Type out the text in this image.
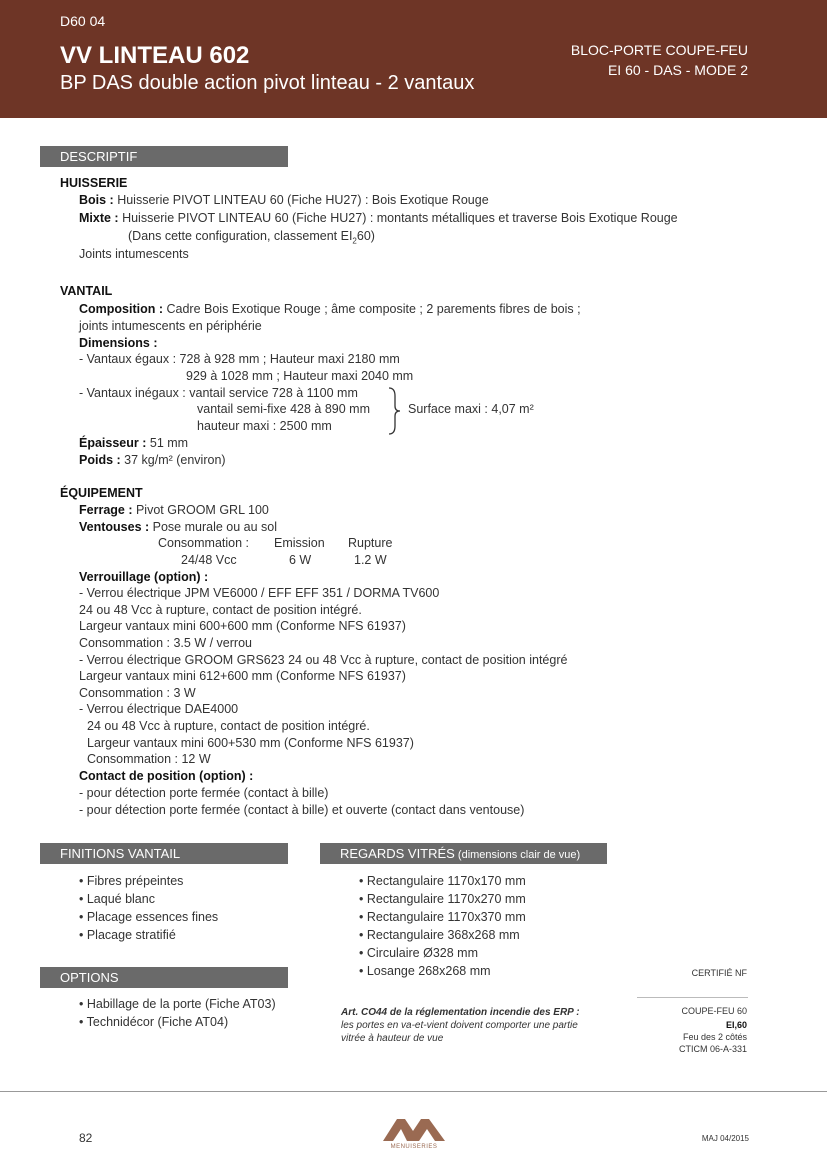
D60 04
VV LINTEAU 602
BP DAS double action pivot linteau - 2 vantaux
BLOC-PORTE COUPE-FEU
EI 60 - DAS - MODE 2
DESCRIPTIF
HUISSERIE
Bois : Huisserie PIVOT LINTEAU 60 (Fiche HU27) : Bois Exotique Rouge
Mixte : Huisserie PIVOT LINTEAU 60 (Fiche HU27) : montants métalliques et traverse Bois Exotique Rouge
(Dans cette configuration, classement $EI_260$)
Joints intumescents
VANTAIL
Composition : Cadre Bois Exotique Rouge ; âme composite ; 2 parements fibres de bois ;
joints intumescents en périphérie
Dimensions :
- Vantaux égaux : 728 à 928 mm ; Hauteur maxi 2180 mm
929 à 1028 mm ; Hauteur maxi 2040 mm
- Vantaux inégaux : vantail service 728 à 1100 mm
vantail semi-fixe 428 à 890 mm
hauteur maxi : 2500 mm
Surface maxi : 4,07 m²
Épaisseur : 51 mm
Poids : 37 kg/m² (environ)
ÉQUIPEMENT
Ferrage : Pivot GROOM GRL 100
Ventouses : Pose murale ou au sol
Consommation : Emission Rupture
24/48 Vcc	6 W	1.2 W
Verrouillage (option) :
- Verrou électrique JPM VE6000 / EFF EFF 351 / DORMA TV600
24 ou 48 Vcc à rupture, contact de position intégré.
Largeur vantaux mini 600+600 mm (Conforme NFS 61937)
Consommation : 3.5 W / verrou
- Verrou électrique GROOM GRS623 24 ou 48 Vcc à rupture, contact de position intégré
Largeur vantaux mini 612+600 mm (Conforme NFS 61937)
Consommation : 3 W
- Verrou électrique DAE4000
24 ou 48 Vcc à rupture, contact de position intégré.
Largeur vantaux mini 600+530 mm (Conforme NFS 61937)
Consommation : 12 W
Contact de position (option) :
- pour détection porte fermée (contact à bille)
- pour détection porte fermée (contact à bille) et ouverte (contact dans ventouse)
FINITIONS VANTAIL
• Fibres prépeintes
• Laqué blanc
• Placage essences fines
• Placage stratifié
OPTIONS
• Habillage de la porte (Fiche AT03)
• Technidécor (Fiche AT04)
REGARDS VITRÉS (dimensions clair de vue)
• Rectangulaire 1170x170 mm
• Rectangulaire 1170x270 mm
• Rectangulaire 1170x370 mm
• Rectangulaire 368x268 mm
• Circulaire Ø328 mm
• Losange 268x268 mm
Art. CO44 de la réglementation incendie des ERP :
les portes en va-et-vient doivent comporter une partie
vitrée à hauteur de vue
CERTIFIÉ NF
COUPE-FEU 60
EI,60
Feu des 2 côtés
CTICM 06-A-331
82
MENUISERIES
MAJ 04/2015
